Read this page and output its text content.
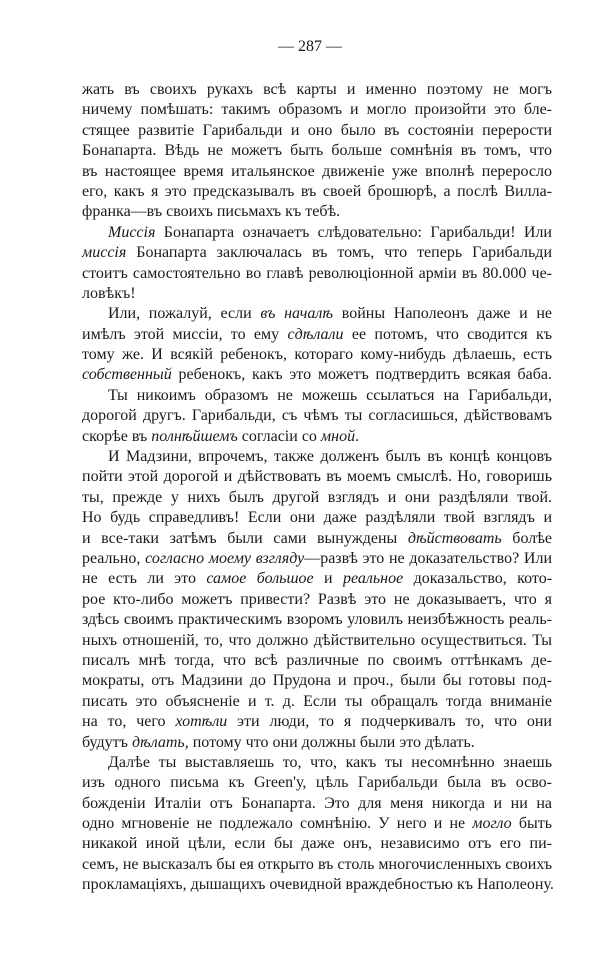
— 287 —
жать въ своихъ рукахъ всѣ карты и именно поэтому не могъ
ничему помѣшать: такимъ образомъ и могло произойти это бле-
стящее развитіе Гарибальди и оно было въ состояніи перерости
Бонапарта. Вѣдь не можетъ быть больше сомнѣнія въ томъ, что
въ настоящее время итальянское движеніе уже вполнѣ переросло
его, какъ я это предсказывалъ въ своей брошюрѣ, а послѣ Вилла-
франка—въ своихъ письмахъ къ тебѣ.
Миссія Бонапарта означаетъ слѣдовательно: Гарибальди! Или
миссія Бонапарта заключалась въ томъ, что теперь Гарибальди
стоитъ самостоятельно во главѣ революціонной арміи въ 80.000 че-
ловѣкъ!
Или, пожалуй, если въ началѣ войны Наполеонъ даже и не
имѣлъ этой миссіи, то ему сдѣлали ее потомъ, что сводится къ
тому же. И всякій ребенокъ, котораго кому-нибудь дѣлаешь, есть
собственный ребенокъ, какъ это можетъ подтвердить всякая баба.
Ты никоимъ образомъ не можешь ссылаться на Гарибальди,
дорогой другъ. Гарибальди, съ чѣмъ ты согласишься, дѣйствовамъ
скорѣе въ полнѣйшемъ согласіи со мной.
И Мадзини, впрочемъ, также долженъ былъ въ концѣ концовъ
пойти этой дорогой и дѣйствовать въ моемъ смыслѣ. Но, говоришь
ты, прежде у нихъ былъ другой взглядъ и они раздѣляли твой.
Но будь справедливъ! Если они даже раздѣляли твой взглядъ и
и все-таки затѣмъ были сами вынуждены дѣйствовать болѣе
реально, согласно моему взгляду—развѣ это не доказательство? Или
не есть ли это самое большое и реальное доказальство, кото-
рое кто-либо можетъ привести? Развѣ это не доказываетъ, что я
здѣсь своимъ практическимъ взоромъ уловилъ неизбѣжность реаль-
ныхъ отношеній, то, что должно дѣйствительно осуществиться. Ты
писалъ мнѣ тогда, что всѣ различные по своимъ оттѣнкамъ де-
мократы, отъ Мадзини до Прудона и проч., были бы готовы под-
писать это объясненіе и т. д. Если ты обращалъ тогда вниманіе
на то, чего хотѣли эти люди, то я подчеркивалъ то, что они
будутъ дѣлать, потому что они должны были это дѣлать.
Далѣе ты выставляешь то, что, какъ ты несомнѣнно знаешь
изъ одного письма къ Green'у, цѣль Гарибальди была въ осво-
божденіи Италіи отъ Бонапарта. Это для меня никогда и ни на
одно мгновеніе не подлежало сомнѣнію. У него и не могло быть
никакой иной цѣли, если бы даже онъ, независимо отъ его пи-
семъ, не высказалъ бы ея открыто въ столь многочисленныхъ своихъ
прокламаціяхъ, дышащихъ очевидной враждебностью къ Наполеону.
